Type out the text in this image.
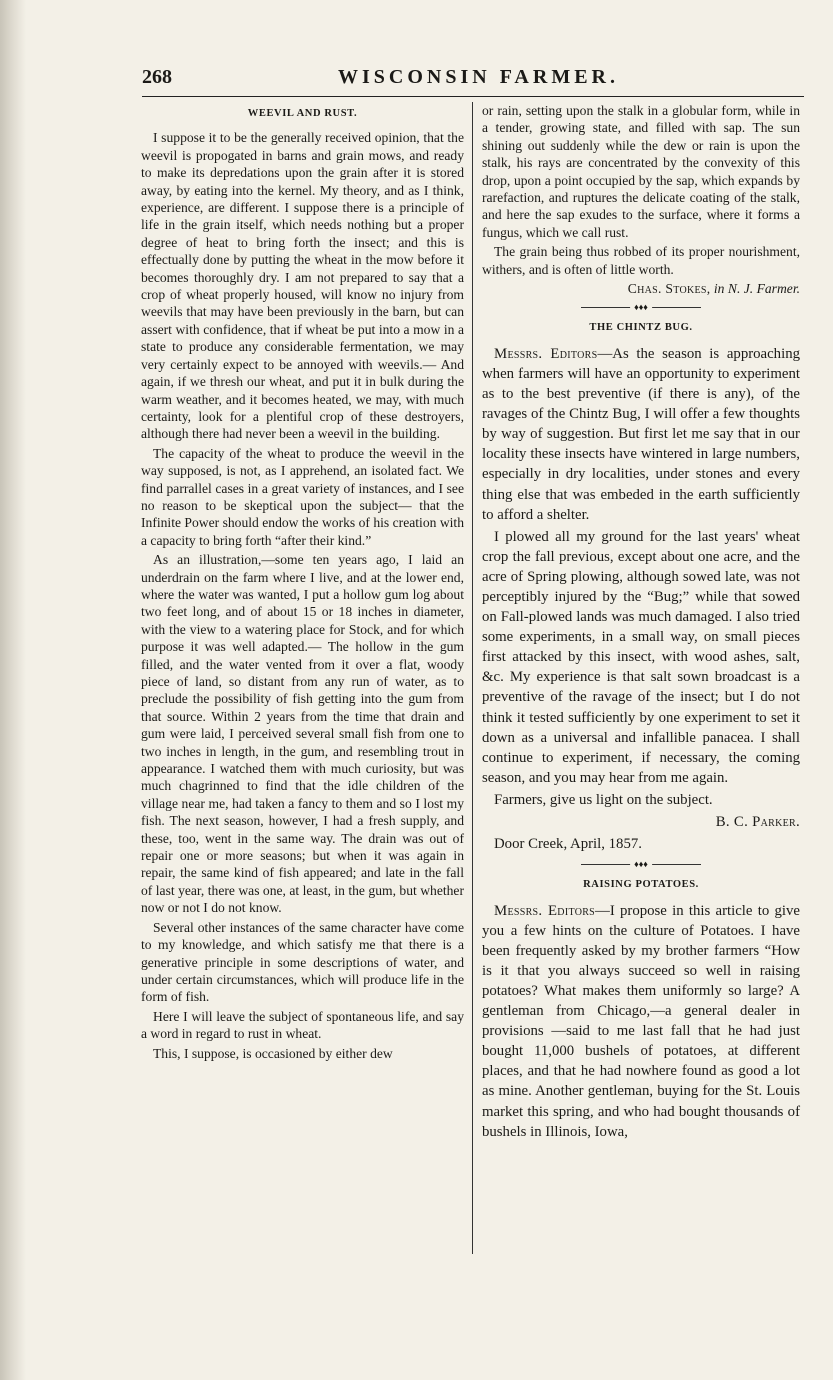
268	WISCONSIN FARMER.
WEEVIL AND RUST.

I suppose it to be the generally received opinion, that the weevil is propogated in barns and grain mows, and ready to make its depredations upon the grain after it is stored away, by eating into the kernel. My theory, and as I think, experience, are different. I suppose there is a principle of life in the grain itself, which needs nothing but a proper degree of heat to bring forth the insect; and this is effectually done by putting the wheat in the mow before it becomes thoroughly dry. I am not prepared to say that a crop of wheat properly housed, will know no injury from weevils that may have been previously in the barn, but can assert with confidence, that if wheat be put into a mow in a state to produce any considerable fermentation, we may very certainly expect to be annoyed with weevils.— And again, if we thresh our wheat, and put it in bulk during the warm weather, and it becomes heated, we may, with much certainty, look for a plentiful crop of these destroyers, although there had never been a weevil in the building.

The capacity of the wheat to produce the weevil in the way supposed, is not, as I apprehend, an isolated fact. We find parrallel cases in a great variety of instances, and I see no reason to be skeptical upon the subject— that the Infinite Power should endow the works of his creation with a capacity to bring forth “after their kind.”

As an illustration,—some ten years ago, I laid an underdrain on the farm where I live, and at the lower end, where the water was wanted, I put a hollow gum log about two feet long, and of about 15 or 18 inches in diameter, with the view to a watering place for Stock, and for which purpose it was well adapted.— The hollow in the gum filled, and the water vented from it over a flat, woody piece of land, so distant from any run of water, as to preclude the possibility of fish getting into the gum from that source. Within 2 years from the time that drain and gum were laid, I perceived several small fish from one to two inches in length, in the gum, and resembling trout in appearance. I watched them with much curiosity, but was much chagrinned to find that the idle children of the village near me, had taken a fancy to them and so I lost my fish. The next season, however, I had a fresh supply, and these, too, went in the same way. The drain was out of repair one or more seasons; but when it was again in repair, the same kind of fish appeared; and late in the fall of last year, there was one, at least, in the gum, but whether now or not I do not know.

Several other instances of the same character have come to my knowledge, and which satisfy me that there is a generative principle in some descriptions of water, and under certain circumstances, which will produce life in the form of fish.

Here I will leave the subject of spontaneous life, and say a word in regard to rust in wheat.

This, I suppose, is occasioned by either dew

or rain, setting upon the stalk in a globular form, while in a tender, growing state, and filled with sap. The sun shining out suddenly while the dew or rain is upon the stalk, his rays are concentrated by the convexity of this drop, upon a point occupied by the sap, which expands by rarefaction, and ruptures the delicate coating of the stalk, and here the sap exudes to the surface, where it forms a fungus, which we call rust.

The grain being thus robbed of its proper nourishment, withers, and is often of little worth.

Chas. Stokes, in N. J. Farmer.

♦♦♦
THE CHINTZ BUG.

Messrs. Editors—As the season is approaching when farmers will have an opportunity to experiment as to the best preventive (if there is any), of the ravages of the Chintz Bug, I will offer a few thoughts by way of suggestion. But first let me say that in our locality these insects have wintered in large numbers, especially in dry localities, under stones and every thing else that was embeded in the earth sufficiently to afford a shelter.

I plowed all my ground for the last years' wheat crop the fall previous, except about one acre, and the acre of Spring plowing, although sowed late, was not perceptibly injured by the “Bug;” while that sowed on Fall-plowed lands was much damaged. I also tried some experiments, in a small way, on small pieces first attacked by this insect, with wood ashes, salt, &c. My experience is that salt sown broadcast is a preventive of the ravage of the insect; but I do not think it tested sufficiently by one experiment to set it down as a universal and infallible panacea. I shall continue to experiment, if necessary, the coming season, and you may hear from me again.

Farmers, give us light on the subject.

B. C. Parker.

Door Creek, April, 1857.

♦♦♦
RAISING POTATOES.

Messrs. Editors—I propose in this article to give you a few hints on the culture of Potatoes. I have been frequently asked by my brother farmers “How is it that you always succeed so well in raising potatoes? What makes them uniformly so large? A gentleman from Chicago,—a general dealer in provisions —said to me last fall that he had just bought 11,000 bushels of potatoes, at different places, and that he had nowhere found as good a lot as mine. Another gentleman, buying for the St. Louis market this spring, and who had bought thousands of bushels in Illinois, Iowa,
